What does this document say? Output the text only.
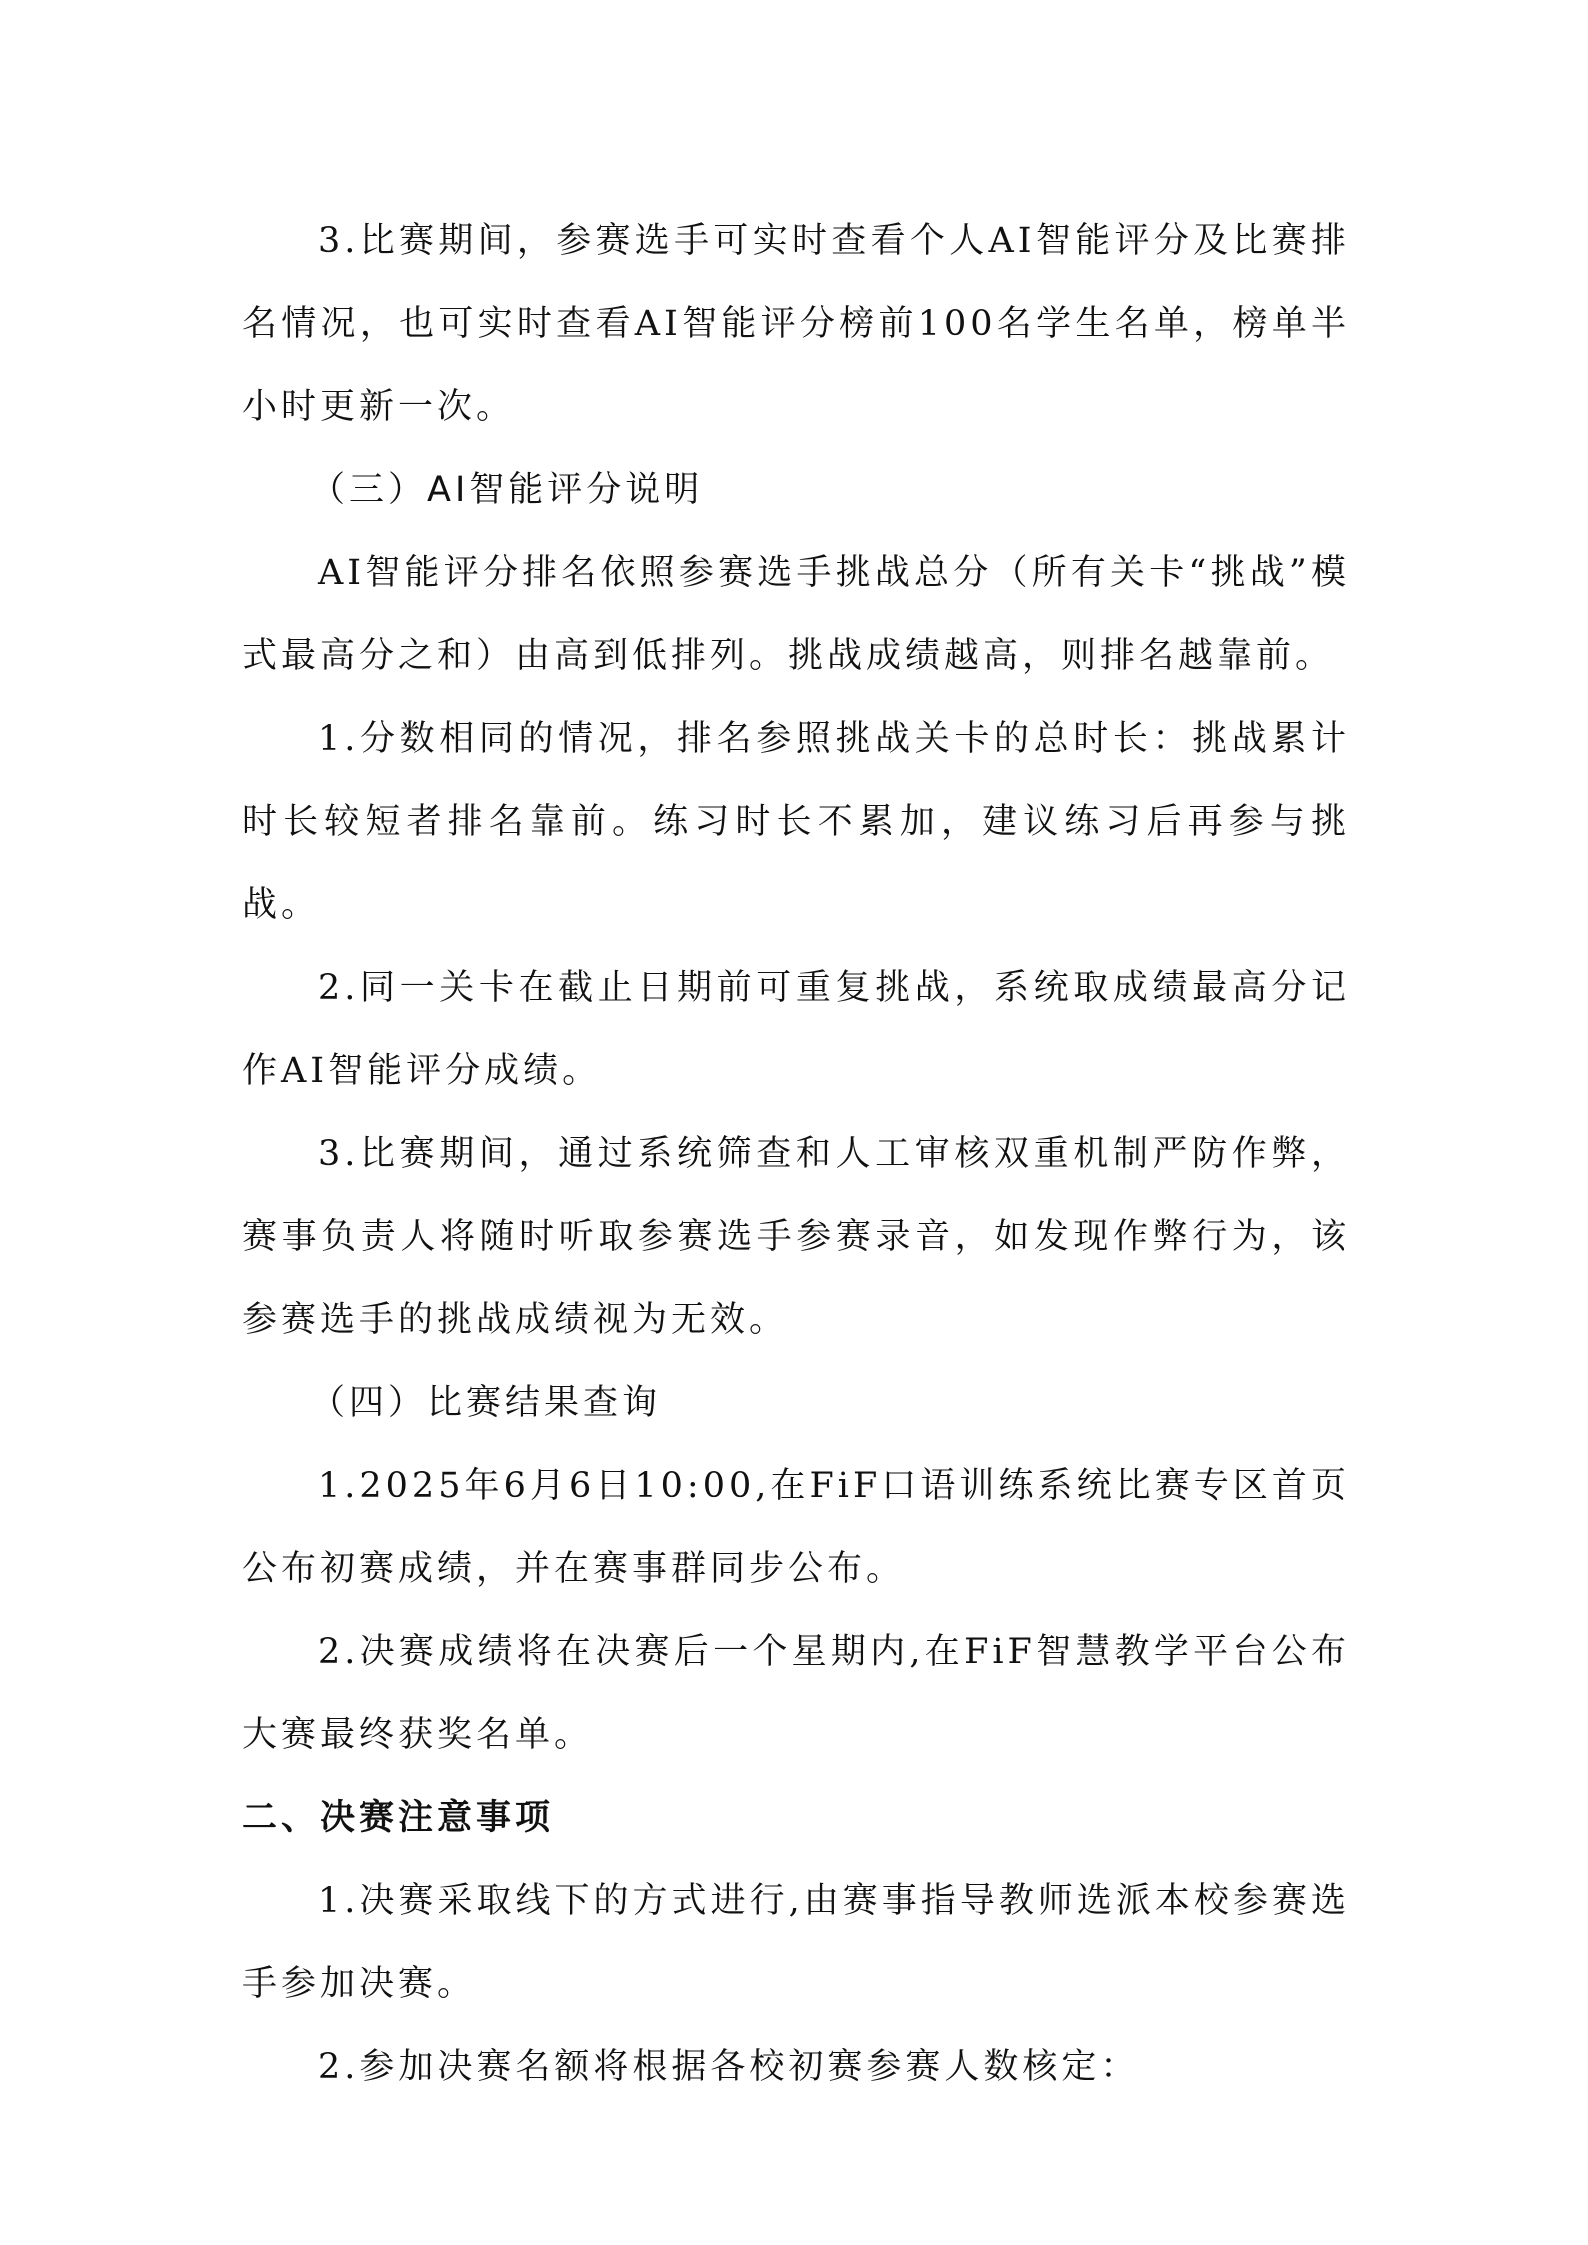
3.比赛期间，参赛选手可实时查看个人AI智能评分及比赛排名情况，也可实时查看AI智能评分榜前100名学生名单，榜单半小时更新一次。

（三）AI智能评分说明

AI智能评分排名依照参赛选手挑战总分（所有关卡“挑战”模式最高分之和）由高到低排列。挑战成绩越高，则排名越靠前。

1.分数相同的情况，排名参照挑战关卡的总时长：挑战累计时长较短者排名靠前。练习时长不累加，建议练习后再参与挑战。

2.同一关卡在截止日期前可重复挑战，系统取成绩最高分记作AI智能评分成绩。

3.比赛期间，通过系统筛查和人工审核双重机制严防作弊，赛事负责人将随时听取参赛选手参赛录音，如发现作弊行为，该参赛选手的挑战成绩视为无效。

（四）比赛结果查询

1.2025年6月6日10:00,在FiF口语训练系统比赛专区首页公布初赛成绩，并在赛事群同步公布。

2.决赛成绩将在决赛后一个星期内,在FiF智慧教学平台公布大赛最终获奖名单。

二、决赛注意事项

1.决赛采取线下的方式进行,由赛事指导教师选派本校参赛选手参加决赛。

2.参加决赛名额将根据各校初赛参赛人数核定：
